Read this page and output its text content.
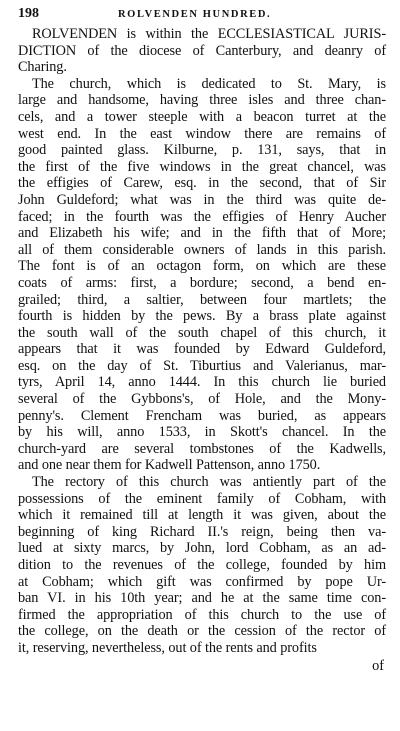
198	ROLVENDEN HUNDRED.
ROLVENDEN is within the ECCLESIASTICAL JURIS-
DICTION of the diocese of Canterbury, and deanry of
Charing.
The church, which is dedicated to St. Mary, is
large and handsome, having three isles and three chan-
cels, and a tower steeple with a beacon turret at the
west end. In the east window there are remains of
good painted glass. Kilburne, p. 131, says, that in
the first of the five windows in the great chancel, was
the effigies of Carew, esq. in the second, that of Sir
John Guldeford; what was in the third was quite de-
faced; in the fourth was the effigies of Henry Aucher
and Elizabeth his wife; and in the fifth that of More;
all of them considerable owners of lands in this parish.
The font is of an octagon form, on which are these
coats of arms: first, a bordure; second, a bend en-
grailed; third, a saltier, between four martlets; the
fourth is hidden by the pews. By a brass plate against
the south wall of the south chapel of this church, it
appears that it was founded by Edward Guldeford,
esq. on the day of St. Tiburtius and Valerianus, mar-
tyrs, April 14, anno 1444. In this church lie buried
several of the Gybbons's, of Hole, and the Mony-
penny's. Clement Frencham was buried, as appears
by his will, anno 1533, in Skott's chancel. In the
church-yard are several tombstones of the Kadwells,
and one near them for Kadwell Pattenson, anno 1750.
The rectory of this church was antiently part of the
possessions of the eminent family of Cobham, with
which it remained till at length it was given, about the
beginning of king Richard II.'s reign, being then va-
lued at sixty marcs, by John, lord Cobham, as an ad-
dition to the revenues of the college, founded by him
at Cobham; which gift was confirmed by pope Ur-
ban VI. in his 10th year; and he at the same time con-
firmed the appropriation of this church to the use of
the college, on the death or the cession of the rector of
it, reserving, nevertheless, out of the rents and profits
of
